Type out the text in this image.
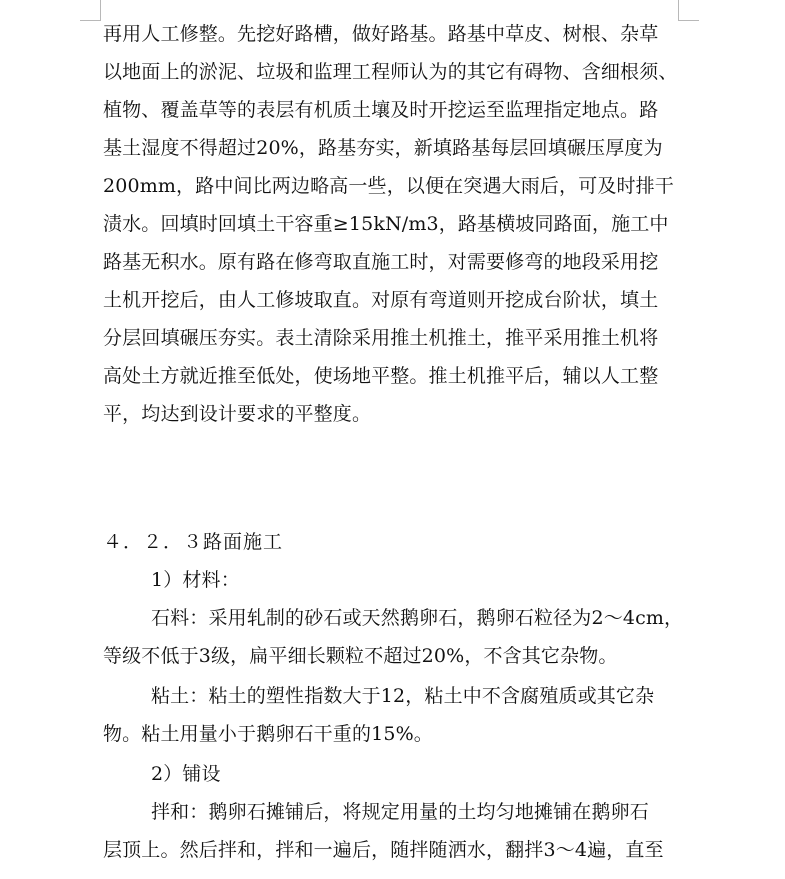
再用人工修整。先挖好路槽，做好路基。路基中草皮、树根、杂草
以地面上的淤泥、垃圾和监理工程师认为的其它有碍物、含细根须、
植物、覆盖草等的表层有机质土壤及时开挖运至监理指定地点。路
基土湿度不得超过20%，路基夯实，新填路基每层回填碾压厚度为
200mm，路中间比两边略高一些，以便在突遇大雨后，可及时排干
渍水。回填时回填土干容重≥15kN/m3，路基横坡同路面，施工中
路基无积水。原有路在修弯取直施工时，对需要修弯的地段采用挖
土机开挖后，由人工修坡取直。对原有弯道则开挖成台阶状，填土
分层回填碾压夯实。表土清除采用推土机推土，推平采用推土机将
高处土方就近推至低处，使场地平整。推土机推平后，辅以人工整
平，均达到设计要求的平整度。
４．２．３路面施工
1）材料：
石料：采用轧制的砂石或天然鹅卵石，鹅卵石粒径为2～4cm，
等级不低于3级，扁平细长颗粒不超过20%，不含其它杂物。
粘土：粘土的塑性指数大于12，粘土中不含腐殖质或其它杂
物。粘土用量小于鹅卵石干重的15%。
2）铺设
拌和：鹅卵石摊铺后，将规定用量的土均匀地摊铺在鹅卵石
层顶上。然后拌和，拌和一遍后，随拌随洒水，翻拌3～4遍，直至
